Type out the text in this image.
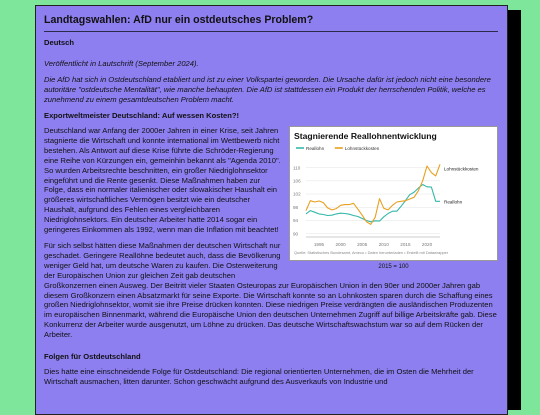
Landtagswahlen: AfD nur ein ostdeutsches Problem?
Deutsch
Veröffentlicht in Lautschrift (September 2024).
Die AfD hat sich in Ostdeutschland etabliert und ist zu einer Volkspartei geworden. Die Ursache dafür ist jedoch nicht eine besondere autoritäre "ostdeutsche Mentalität", wie manche behaupten. Die AfD ist stattdessen ein Produkt der herrschenden Politik, welche es zunehmend zu einem gesamtdeutschen Problem macht.
Exportweltmeister Deutschland: Auf wessen Kosten?!
Stagnierende Reallohnentwicklung
Reallohn	Lohnstückkosten
90
94
98
102
106
110
1995 2000 2005 2010 2015 2020
Reallohn
Lohnstückkosten
Quelle: Statistisches Bundesamt, Ameco • Daten herunterladen • Erstellt mit Datawrapper
2015 = 100

Deutschland war Anfang der 2000er Jahren in einer Krise, seit Jahren stagnierte die Wirtschaft und konnte international im Wettbewerb nicht bestehen. Als Antwort auf diese Krise führte die Schröder-Regierung eine Reihe von Kürzungen ein, gemeinhin bekannt als "Agenda 2010". So wurden Arbeitsrechte beschnitten, ein großer Niedriglohnsektor eingeführt und die Rente gesenkt. Diese Maßnahmen haben zur Folge, dass ein normaler italienischer oder slowakischer Haushalt ein größeres wirtschaftliches Vermögen besitzt wie ein deutscher Haushalt, aufgrund des Fehlen eines vergleichbaren Niedriglohnsektors. Ein deutscher Arbeiter hatte 2014 sogar ein geringeres Einkommen als 1992, wenn man die Inflation mit beachtet!

Für sich selbst hätten diese Maßnahmen der deutschen Wirtschaft nur geschadet. Geringere Reallöhne bedeutet auch, dass die Bevölkerung weniger Geld hat, um deutsche Waren zu kaufen. Die Osterweiterung der Europäischen Union zur gleichen Zeit gab deutschen Großkonzernen einen Ausweg. Der Beitritt vieler Staaten Osteuropas zur Europäischen Union in den 90er und 2000er Jahren gab diesem Großkonzern einen Absatzmarkt für seine Exporte. Die Wirtschaft konnte so an Lohnkosten sparen durch die Schaffung eines großen Niedriglohnsektor, womit sie ihre Preise drücken konnten. Diese niedrigen Preise verdrängten die ausländischen Produzenten im europäischen Binnenmarkt, während die Europäische Union den deutschen Unternehmen Zugriff auf billige Arbeitskräfte gab. Diese Konkurrenz der Arbeiter wurde ausgenutzt, um Löhne zu drücken. Das deutsche Wirtschaftswachstum war so auf dem Rücken der Arbeiter.

Folgen für Ostdeutschland

Dies hatte eine einschneidende Folge für Ostdeutschland: Die regional orientierten Unternehmen, die im Osten die Mehrheit der Wirtschaft ausmachen, litten darunter. Schon geschwächt aufgrund des Ausverkaufs von Industrie und
